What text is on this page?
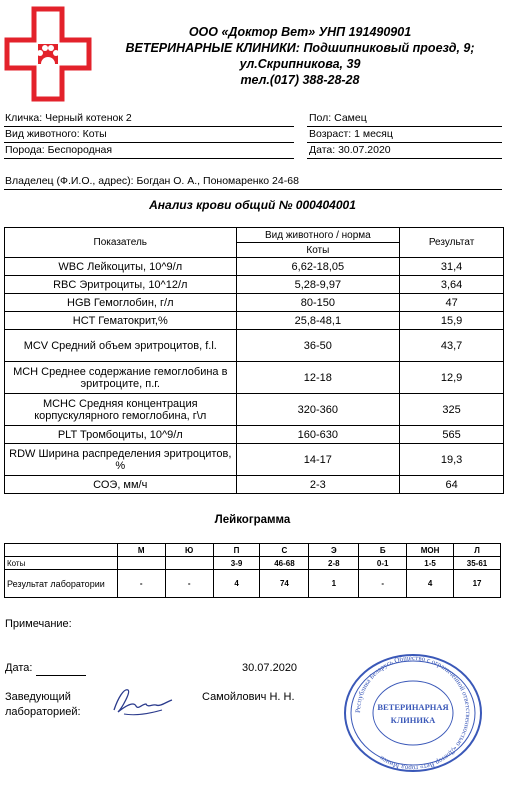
ООО «Доктор Вет» УНП 191490901
ВЕТЕРИНАРНЫЕ КЛИНИКИ: Подшипниковый проезд, 9;
ул.Скрипникова, 39
тел.(017) 388-28-28
Кличка: Черный котенок 2
Вид животного: Коты
Порода: Беспородная
Пол: Самец
Возраст: 1 месяц
Дата: 30.07.2020
Владелец (Ф.И.О., адрес): Богдан О. А., Пономаренко 24-68
Анализ крови общий № 000404001
Показатель	Вид животного / норма	Результат
	Коты	
WBC Лейкоциты, 10^9/л	6,62-18,05	31,4
RBC Эритроциты, 10^12/л	5,28-9,97	3,64
HGB Гемоглобин, г/л	80-150	47
HCT Гематокрит,%	25,8-48,1	15,9
MCV Средний объем эритроцитов, f.l.	36-50	43,7
MCH Среднее содержание гемоглобина в эритроците, п.г.	12-18	12,9
MCHC Средняя концентрация корпускулярного гемоглобина, г\л	320-360	325
PLT Тромбоциты, 10^9/л	160-630	565
RDW Ширина распределения эритроцитов, %	14-17	19,3
СОЭ, мм/ч	2-3	64
Лейкограмма
	М	Ю	П	С	Э	Б	МОН	Л
Коты			3-9	46-68	2-8	0-1	1-5	35-61
Результат лаборатории	-	-	4	74	1	-	4	17
Примечание:
Дата:	30.07.2020
Заведующий лабораторией:
Самойлович Н. Н.
Республика Беларусь Общество с ограниченной ответственностью «Доктор Вет» город Минск
ВЕТЕРИНАРНАЯ
КЛИНИКА
